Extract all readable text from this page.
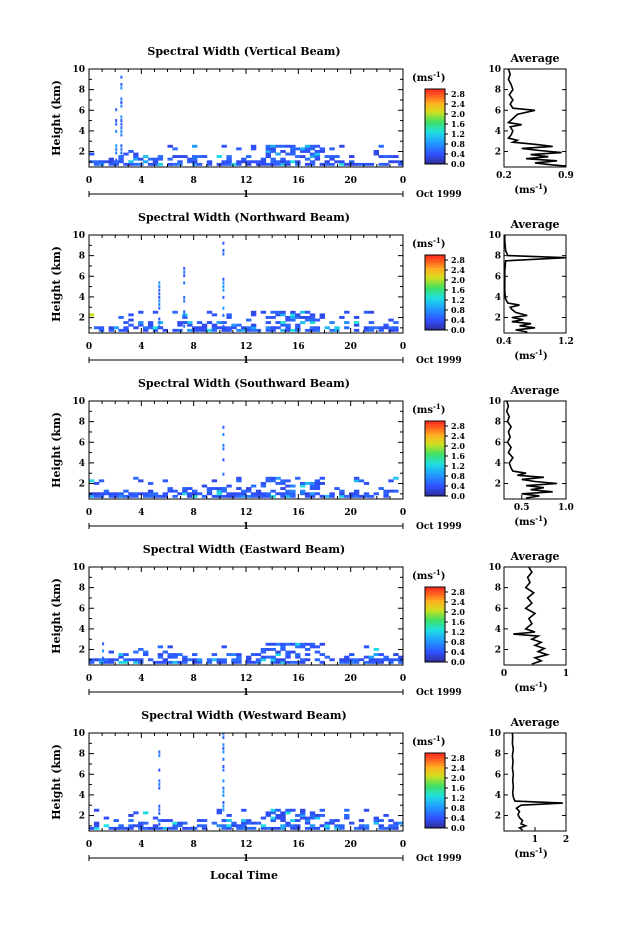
Spectral Width (Vertical Beam)
Height (km) 2
4
6
8
10
0	4	8	12	16	20	0
1	Oct 1999
0.0
0.4
0.8
1.2
1.6
2.0
2.4
2.8
$(ms^{-1})$
Average
2
4
6
8
10
0.2	0.9
$(ms^{-1})$
Spectral Width (Northward Beam)
Height (km) 2
4
6
8
10
0	4	8	12	16	20	0
1	Oct 1999
0.0
0.4
0.8
1.2
1.6
2.0
2.4
2.8
$(ms^{-1})$
Average
2
4
6
8
10
0.4	1.2
$(ms^{-1})$
Spectral Width (Southward Beam)
Height (km) 2
4
6
8
10
0	4	8	12	16	20	0
1	Oct 1999
0.0
0.4
0.8
1.2
1.6
2.0
2.4
2.8
$(ms^{-1})$
Average
2
4
6
8
10
0.5	1.0
$(ms^{-1})$
Spectral Width (Eastward Beam)
Height (km) 2
4
6
8
10
0	4	8	12	16	20	0
1	Oct 1999
0.0
0.4
0.8
1.2
1.6
2.0
2.4
2.8
$(ms^{-1})$
Average
2
4
6
8
10
0	1
$(ms^{-1})$
Spectral Width (Westward Beam)
Height (km) 2
4
6
8
10
0	4	8	12	16	20	0
1	Oct 1999
0.0
0.4
0.8
1.2
1.6
2.0
2.4
2.8
$(ms^{-1})$
Average
2
4
6
8
10
1	2
$(ms^{-1})$
Local Time
